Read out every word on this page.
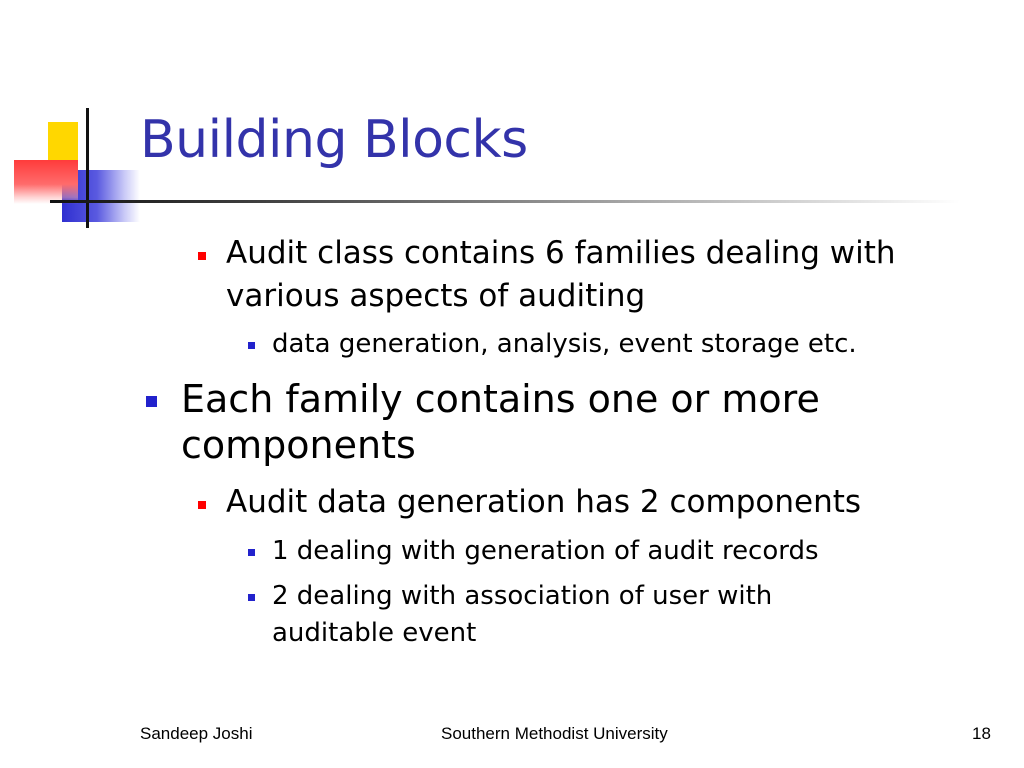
Building Blocks
Audit class contains 6 families dealing with various aspects of auditing
data generation, analysis, event storage etc.
Each family contains one or more components
Audit data generation has 2 components
1 dealing with generation of audit records
2 dealing with association of user with auditable event
Sandeep Joshi	Southern Methodist University	18
